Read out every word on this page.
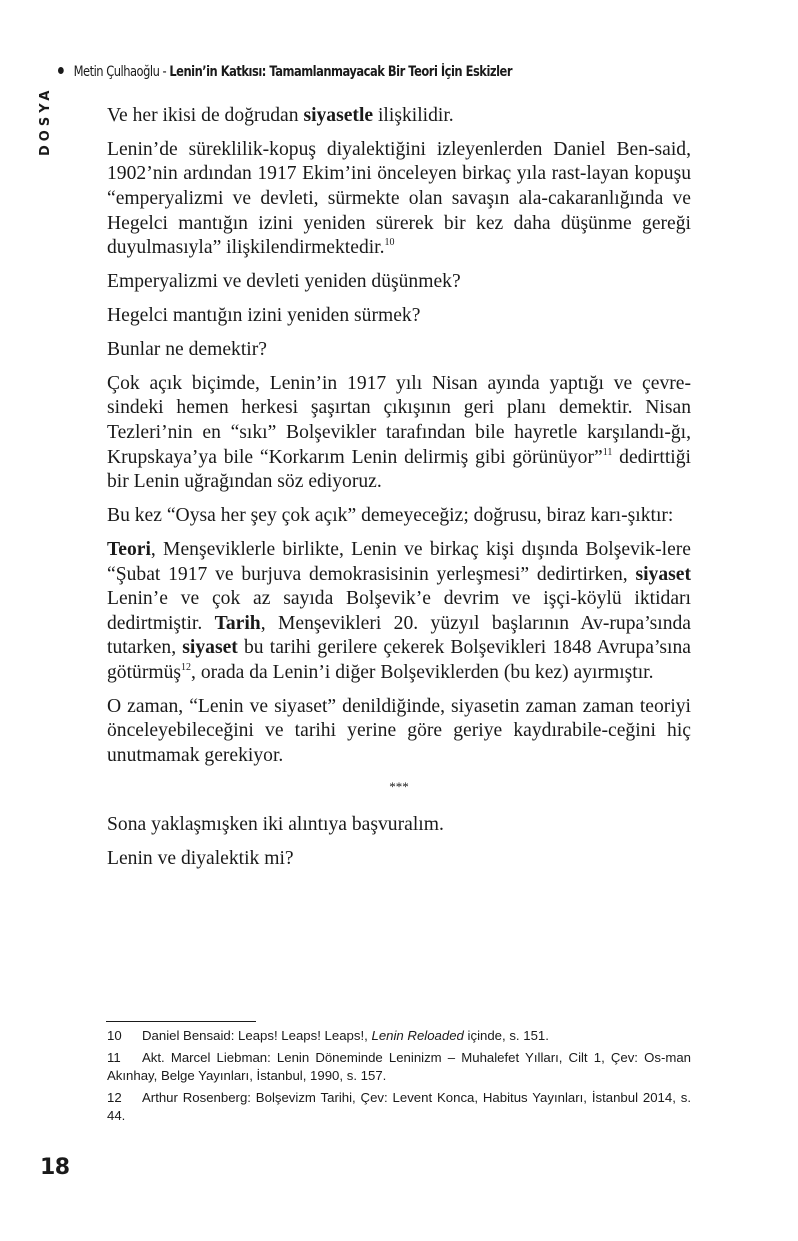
Metin Çulhaoğlu - Lenin’in Katkısı: Tamamlanmayacak Bir Teori İçin Eskizler
DOSYA	Ve her ikisi de doğrudan siyasetle ilişkilidir.

Lenin’de süreklilik-kopuş diyalektiğini izleyenlerden Daniel Ben-said, 1902’nin ardından 1917 Ekim’ini önceleyen birkaç yıla rast-layan kopuşu “emperyalizmi ve devleti, sürmekte olan savaşın ala-cakaranlığında ve Hegelci mantığın izini yeniden sürerek bir kez daha düşünme gereği duyulmasıyla” ilişkilendirmektedir.$^{10}$

Emperyalizmi ve devleti yeniden düşünmek?

Hegelci mantığın izini yeniden sürmek?

Bunlar ne demektir?

Çok açık biçimde, Lenin’in 1917 yılı Nisan ayında yaptığı ve çevre-sindeki hemen herkesi şaşırtan çıkışının geri planı demektir. Nisan Tezleri’nin en “sıkı” Bolşevikler tarafından bile hayretle karşılandı-ğı, Krupskaya’ya bile “Korkarım Lenin delirmiş gibi görünüyor”$^{11}$ dedirttiği bir Lenin uğrağından söz ediyoruz.

Bu kez “Oysa her şey çok açık” demeyeceğiz; doğrusu, biraz karı-şıktır:

Teori, Menşeviklerle birlikte, Lenin ve birkaç kişi dışında Bolşevik-lere “Şubat 1917 ve burjuva demokrasisinin yerleşmesi” dedirtirken, siyaset Lenin’e ve çok az sayıda Bolşevik’e devrim ve işçi-köylü iktidarı dedirtmiştir. Tarih, Menşevikleri 20. yüzyıl başlarının Av-rupa’sında tutarken, siyaset bu tarihi gerilere çekerek Bolşevikleri 1848 Avrupa’sına götürmüş$^{12}$, orada da Lenin’i diğer Bolşeviklerden (bu kez) ayırmıştır.

O zaman, “Lenin ve siyaset” denildiğinde, siyasetin zaman zaman teoriyi önceleyebileceğini ve tarihi yerine göre geriye kaydırabile-ceğini hiç unutmamak gerekiyor.

***

Sona yaklaşmışken iki alıntıya başvuralım.

Lenin ve diyalektik mi?

10 Daniel Bensaid: Leaps! Leaps! Leaps!, Lenin Reloaded içinde, s. 151.
11 Akt. Marcel Liebman: Lenin Döneminde Leninizm – Muhalefet Yılları, Cilt 1, Çev: Os-man Akınhay, Belge Yayınları, İstanbul, 1990, s. 157.
12 Arthur Rosenberg: Bolşevizm Tarihi, Çev: Levent Konca, Habitus Yayınları, İstanbul 2014, s. 44.
18
